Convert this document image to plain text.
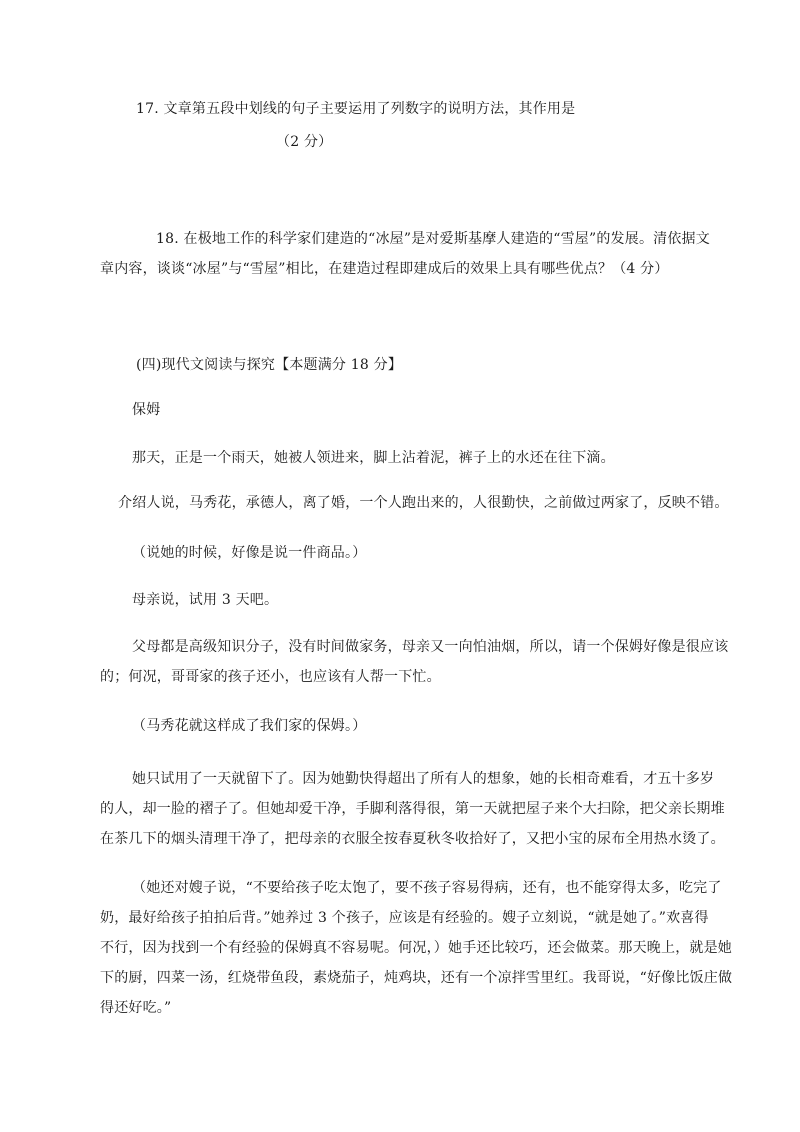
17. 文章第五段中划线的句子主要运用了列数字的说明方法，其作用是
（2 分）
18. 在极地工作的科学家们建造的“冰屋”是对爱斯基摩人建造的“雪屋”的发展。清依据文
章内容，谈谈“冰屋”与“雪屋”相比，在建造过程即建成后的效果上具有哪些优点？（4 分）
(四)现代文阅读与探究【本题满分 18 分】
保姆
那天，正是一个雨天，她被人领进来，脚上沾着泥，裤子上的水还在往下滴。
介绍人说，马秀花，承德人，离了婚，一个人跑出来的，人很勤快，之前做过两家了，反映不错。
（说她的时候，好像是说一件商品。）
母亲说，试用 3 天吧。
父母都是高级知识分子，没有时间做家务，母亲又一向怕油烟，所以，请一个保姆好像是很应该
的；何况，哥哥家的孩子还小，也应该有人帮一下忙。
（马秀花就这样成了我们家的保姆。）
她只试用了一天就留下了。因为她勤快得超出了所有人的想象，她的长相奇难看，才五十多岁
的人，却一脸的褶子了。但她却爱干净，手脚利落得很，第一天就把屋子来个大扫除，把父亲长期堆
在茶几下的烟头清理干净了，把母亲的衣服全按春夏秋冬收拾好了，又把小宝的尿布全用热水烫了。
（她还对嫂子说，“不要给孩子吃太饱了，要不孩子容易得病，还有，也不能穿得太多，吃完了
奶，最好给孩子拍拍后背。”她养过 3 个孩子，应该是有经验的。嫂子立刻说，“就是她了。”欢喜得
不行，因为找到一个有经验的保姆真不容易呢。何况，）她手还比较巧，还会做菜。那天晚上，就是她
下的厨，四菜一汤，红烧带鱼段，素烧茄子，炖鸡块，还有一个凉拌雪里红。我哥说，“好像比饭庄做
得还好吃。”
